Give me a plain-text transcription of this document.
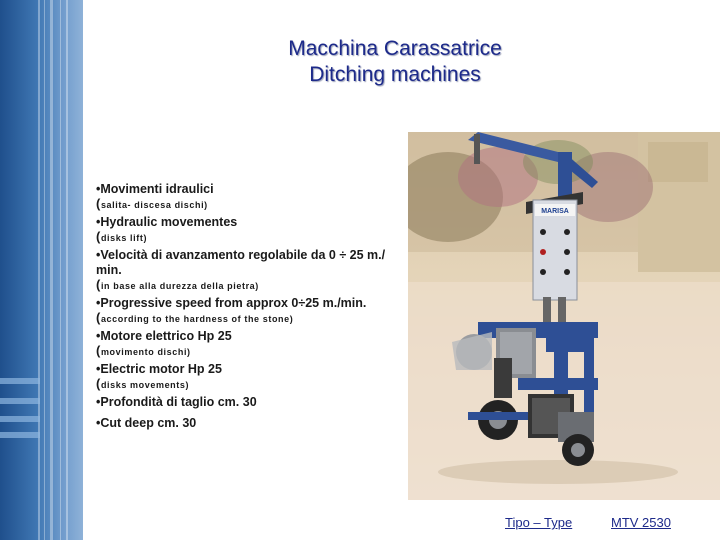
Macchina Carassatrice
Ditching machines
•Movimenti idraulici
(salita- discesa dischi)
•Hydraulic movementes
(disks lift)
•Velocità di avanzamento regolabile da 0 ÷ 25 m./ min.
(in base alla durezza della pietra)
•Progressive speed from approx 0÷25 m./min.
(according to the hardness of the stone)
•Motore elettrico Hp 25
(movimento dischi)
•Electric motor Hp 25
(disks movements)
•Profondità di taglio cm. 30
•Cut deep cm. 30
MARISA
Tipo – Type	MTV 2530
